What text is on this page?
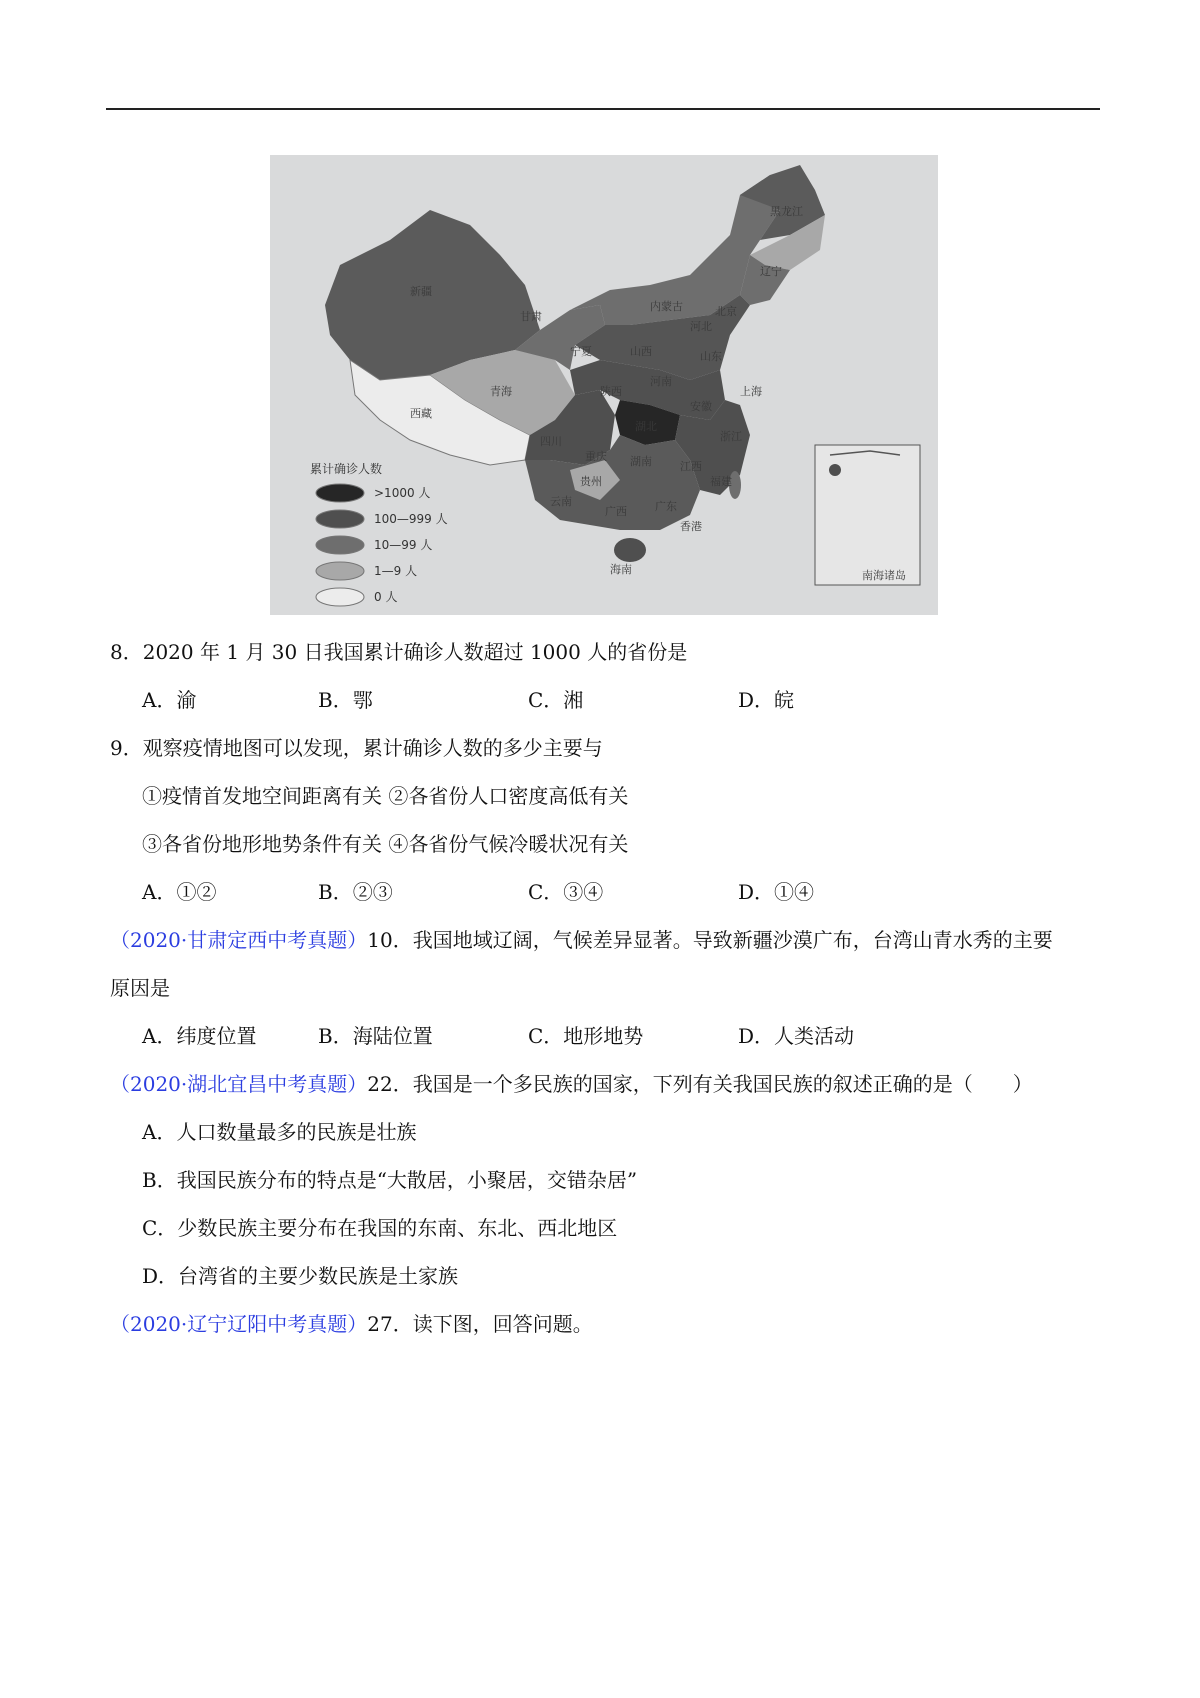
黑龙江
辽宁
内蒙古	北京
新疆
甘肃
宁夏	山西
河北
青海
西藏
陕西
河南
山东
四川
湖北
安徽
上海
浙江
重庆 湖南	江西
福建
贵州
云南
广西	广东
香港
海南	南海诸岛
累计确诊人数
>1000 人
100—999 人
10—99 人
1—9 人
0 人
8．2020 年 1 月 30 日我国累计确诊人数超过 1000 人的省份是
A．渝	B．鄂	C．湘	D．皖
9．观察疫情地图可以发现，累计确诊人数的多少主要与
①疫情首发地空间距离有关 ②各省份人口密度高低有关
③各省份地形地势条件有关 ④各省份气候冷暖状况有关
A．①②	B．②③	C．③④	D．①④
（2020·甘肃定西中考真题）10．我国地域辽阔，气候差异显著。导致新疆沙漠广布，台湾山青水秀的主要
原因是
A．纬度位置	B．海陆位置	C．地形地势	D．人类活动
（2020·湖北宜昌中考真题）22．我国是一个多民族的国家，下列有关我国民族的叙述正确的是（　　）
A．人口数量最多的民族是壮族
B．我国民族分布的特点是“大散居，小聚居，交错杂居”
C．少数民族主要分布在我国的东南、东北、西北地区
D．台湾省的主要少数民族是土家族
（2020·辽宁辽阳中考真题）27．读下图，回答问题。
